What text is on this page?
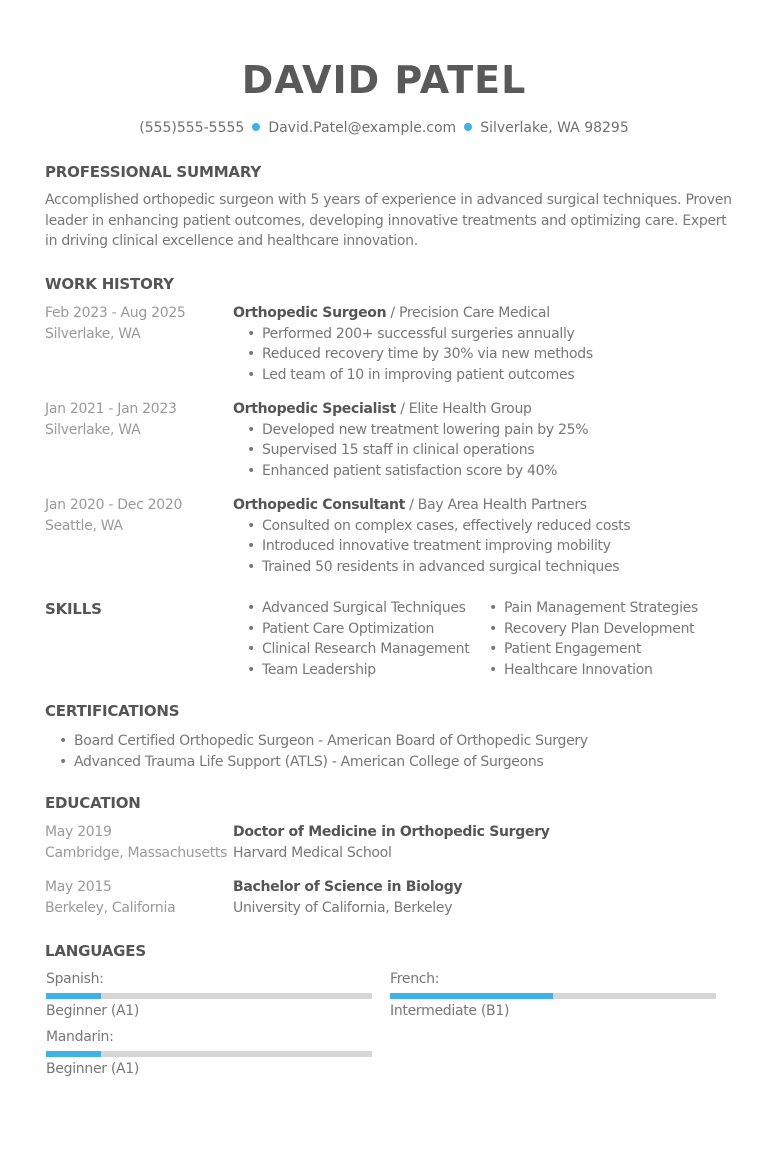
DAVID PATEL
(555)555-5555 David.Patel@example.com Silverlake, WA 98295
PROFESSIONAL SUMMARY
Accomplished orthopedic surgeon with 5 years of experience in advanced surgical techniques. Proven leader in enhancing patient outcomes, developing innovative treatments and optimizing care. Expert in driving clinical excellence and healthcare innovation.
WORK HISTORY
Feb 2023 - Aug 2025
Silverlake, WA
Orthopedic Surgeon / Precision Care Medical
• Performed 200+ successful surgeries annually
• Reduced recovery time by 30% via new methods
• Led team of 10 in improving patient outcomes
Jan 2021 - Jan 2023
Silverlake, WA
Orthopedic Specialist / Elite Health Group
• Developed new treatment lowering pain by 25%
• Supervised 15 staff in clinical operations
• Enhanced patient satisfaction score by 40%
Jan 2020 - Dec 2020
Seattle, WA
Orthopedic Consultant / Bay Area Health Partners
• Consulted on complex cases, effectively reduced costs
• Introduced innovative treatment improving mobility
• Trained 50 residents in advanced surgical techniques
SKILLS	• Advanced Surgical Techniques
• Patient Care Optimization
• Clinical Research Management
• Team Leadership
• Pain Management Strategies
• Recovery Plan Development
• Patient Engagement
• Healthcare Innovation
CERTIFICATIONS
• Board Certified Orthopedic Surgeon - American Board of Orthopedic Surgery
• Advanced Trauma Life Support (ATLS) - American College of Surgeons
EDUCATION
May 2019
Cambridge, Massachusetts
Doctor of Medicine in Orthopedic Surgery
Harvard Medical School
May 2015
Berkeley, California
Bachelor of Science in Biology
University of California, Berkeley
LANGUAGES
Spanish:
Beginner (A1)
French:
Intermediate (B1)
Mandarin:
Beginner (A1)
